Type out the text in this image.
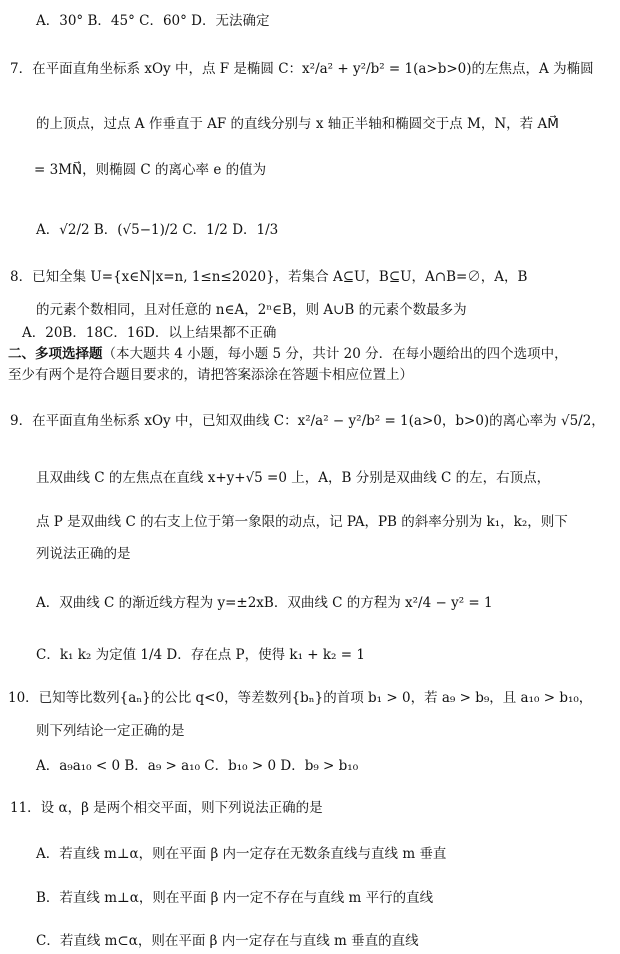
A．30° B．45° C．60° D．无法确定
7．在平面直角坐标系 xOy 中，点 F 是椭圆 C：x²/a² + y²/b² = 1(a>b>0)的左焦点，A 为椭圆
的上顶点，过点 A 作垂直于 AF 的直线分别与 x 轴正半轴和椭圆交于点 M，N，若 AM⃗
= 3MN⃗，则椭圆 C 的离心率 e 的值为
A．√2/2 B．(√5−1)/2 C．1/2 D．1/3
8．已知全集 U={x∈N|x=n, 1≤n≤2020}，若集合 A⊆U，B⊆U，A∩B=∅，A，B
的元素个数相同，且对任意的 n∈A，2ⁿ∈B，则 A∪B 的元素个数最多为
A．20B．18C．16D．以上结果都不正确
二、多项选择题（本大题共 4 小题，每小题 5 分，共计 20 分．在每小题给出的四个选项中，
至少有两个是符合题目要求的，请把答案添涂在答题卡相应位置上）
9．在平面直角坐标系 xOy 中，已知双曲线 C：x²/a² − y²/b² = 1(a>0，b>0)的离心率为 √5/2，
且双曲线 C 的左焦点在直线 x+y+√5 =0 上，A，B 分别是双曲线 C 的左，右顶点，
点 P 是双曲线 C 的右支上位于第一象限的动点，记 PA，PB 的斜率分别为 k₁，k₂，则下
列说法正确的是
A．双曲线 C 的渐近线方程为 y=±2xB．双曲线 C 的方程为 x²/4 − y² = 1
C．k₁ k₂ 为定值 1/4 D．存在点 P，使得 k₁ + k₂ = 1
10．已知等比数列{aₙ}的公比 q<0，等差数列{bₙ}的首项 b₁ > 0，若 a₉ > b₉，且 a₁₀ > b₁₀，
则下列结论一定正确的是
A．a₉a₁₀ < 0 B．a₉ > a₁₀ C．b₁₀ > 0 D．b₉ > b₁₀
11．设 α，β 是两个相交平面，则下列说法正确的是
A．若直线 m⊥α，则在平面 β 内一定存在无数条直线与直线 m 垂直
B．若直线 m⊥α，则在平面 β 内一定不存在与直线 m 平行的直线
C．若直线 m⊂α，则在平面 β 内一定存在与直线 m 垂直的直线
